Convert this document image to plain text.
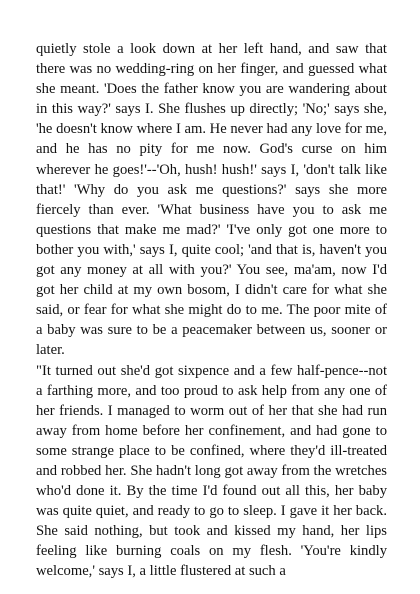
quietly stole a look down at her left hand, and saw that there was no wedding-ring on her finger, and guessed what she meant. 'Does the father know you are wandering about in this way?' says I. She flushes up directly; 'No;' says she, 'he doesn't know where I am. He never had any love for me, and he has no pity for me now. God's curse on him wherever he goes!'--'Oh, hush! hush!' says I, 'don't talk like that!' 'Why do you ask me questions?' says she more fiercely than ever. 'What business have you to ask me questions that make me mad?' 'I've only got one more to bother you with,' says I, quite cool; 'and that is, haven't you got any money at all with you?' You see, ma'am, now I'd got her child at my own bosom, I didn't care for what she said, or fear for what she might do to me. The poor mite of a baby was sure to be a peacemaker between us, sooner or later.

"It turned out she'd got sixpence and a few half-pence--not a farthing more, and too proud to ask help from any one of her friends. I managed to worm out of her that she had run away from home before her confinement, and had gone to some strange place to be confined, where they'd ill-treated and robbed her. She hadn't long got away from the wretches who'd done it. By the time I'd found out all this, her baby was quite quiet, and ready to go to sleep. I gave it her back. She said nothing, but took and kissed my hand, her lips feeling like burning coals on my flesh. 'You're kindly welcome,' says I, a little flustered at such a
